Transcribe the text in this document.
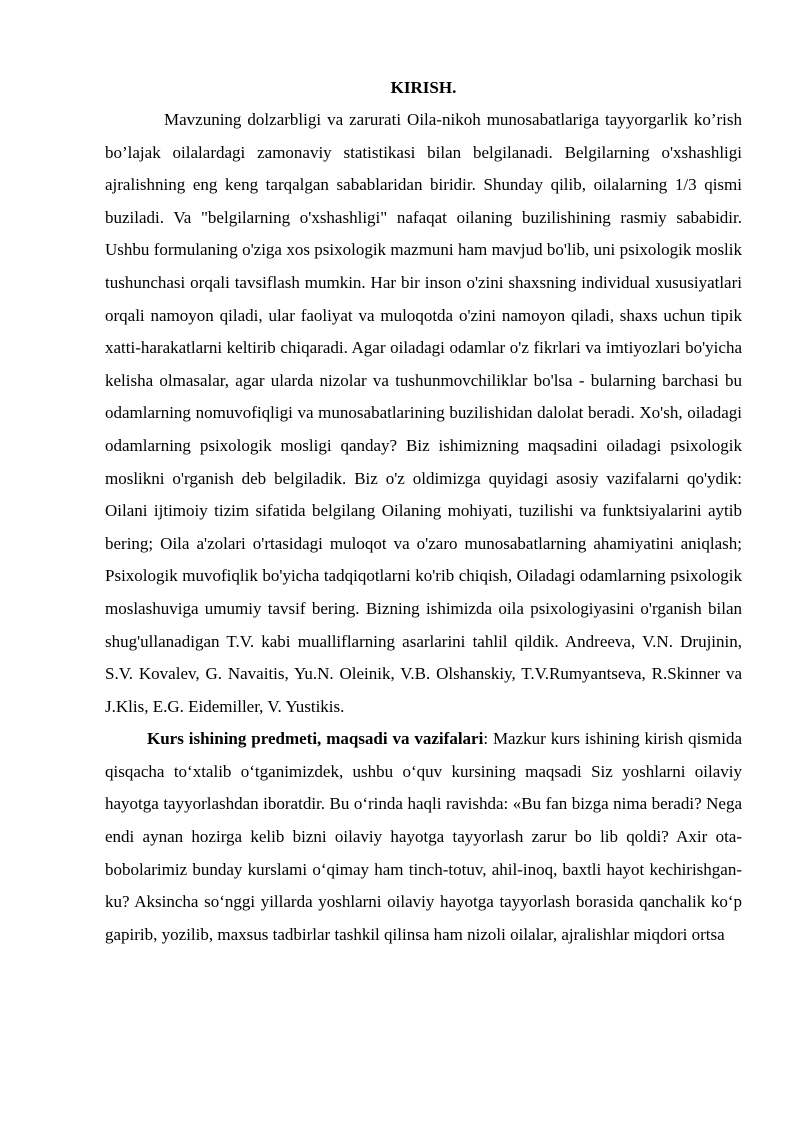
KIRISH.

Mavzuning dolzarbligi va zarurati Oila-nikoh munosabatlariga tayyorgarlik ko’rish bo’lajak oilalardagi zamonaviy statistikasi bilan belgilanadi. Belgilarning o'xshashligi ajralishning eng keng tarqalgan sabablaridan biridir. Shunday qilib, oilalarning 1/3 qismi buziladi. Va "belgilarning o'xshashligi" nafaqat oilaning buzilishining rasmiy sababidir. Ushbu formulaning o'ziga xos psixologik mazmuni ham mavjud bo'lib, uni psixologik moslik tushunchasi orqali tavsiflash mumkin. Har bir inson o'zini shaxsning individual xususiyatlari orqali namoyon qiladi, ular faoliyat va muloqotda o'zini namoyon qiladi, shaxs uchun tipik xatti-harakatlarni keltirib chiqaradi. Agar oiladagi odamlar o'z fikrlari va imtiyozlari bo'yicha kelisha olmasalar, agar ularda nizolar va tushunmovchiliklar bo'lsa - bularning barchasi bu odamlarning nomuvofiqligi va munosabatlarining buzilishidan dalolat beradi. Xo'sh, oiladagi odamlarning psixologik mosligi qanday? Biz ishimizning maqsadini oiladagi psixologik moslikni o'rganish deb belgiladik. Biz o'z oldimizga quyidagi asosiy vazifalarni qo'ydik: Oilani ijtimoiy tizim sifatida belgilang Oilaning mohiyati, tuzilishi va funktsiyalarini aytib bering; Oila a'zolari o'rtasidagi muloqot va o'zaro munosabatlarning ahamiyatini aniqlash; Psixologik muvofiqlik bo'yicha tadqiqotlarni ko'rib chiqish, Oiladagi odamlarning psixologik moslashuviga umumiy tavsif bering. Bizning ishimizda oila psixologiyasini o'rganish bilan shug'ullanadigan T.V. kabi mualliflarning asarlarini tahlil qildik. Andreeva, V.N. Drujinin, S.V. Kovalev, G. Navaitis, Yu.N. Oleinik, V.B. Olshanskiy, T.V.Rumyantseva, R.Skinner va J.Klis, E.G. Eidemiller, V. Yustikis.

Kurs ishining predmeti, maqsadi va vazifalari: Mazkur kurs ishining kirish qismida qisqacha to‘xtalib o‘tganimizdek, ushbu o‘quv kursining maqsadi Siz yoshlarni oilaviy hayotga tayyorlashdan iboratdir. Bu o‘rinda haqli ravishda: «Bu fan bizga nima beradi? Nega endi aynan hozirga kelib bizni oilaviy hayotga tayyorlash zarur bo lib qoldi? Axir ota-bobolarimiz bunday kurslami o‘qimay ham tinch-totuv, ahil-inoq, baxtli hayot kechirishgan-ku? Aksincha so‘nggi yillarda yoshlarni oilaviy hayotga tayyorlash borasida qanchalik ko‘p gapirib, yozilib, maxsus tadbirlar tashkil qilinsa ham nizoli oilalar, ajralishlar miqdori ortsa
